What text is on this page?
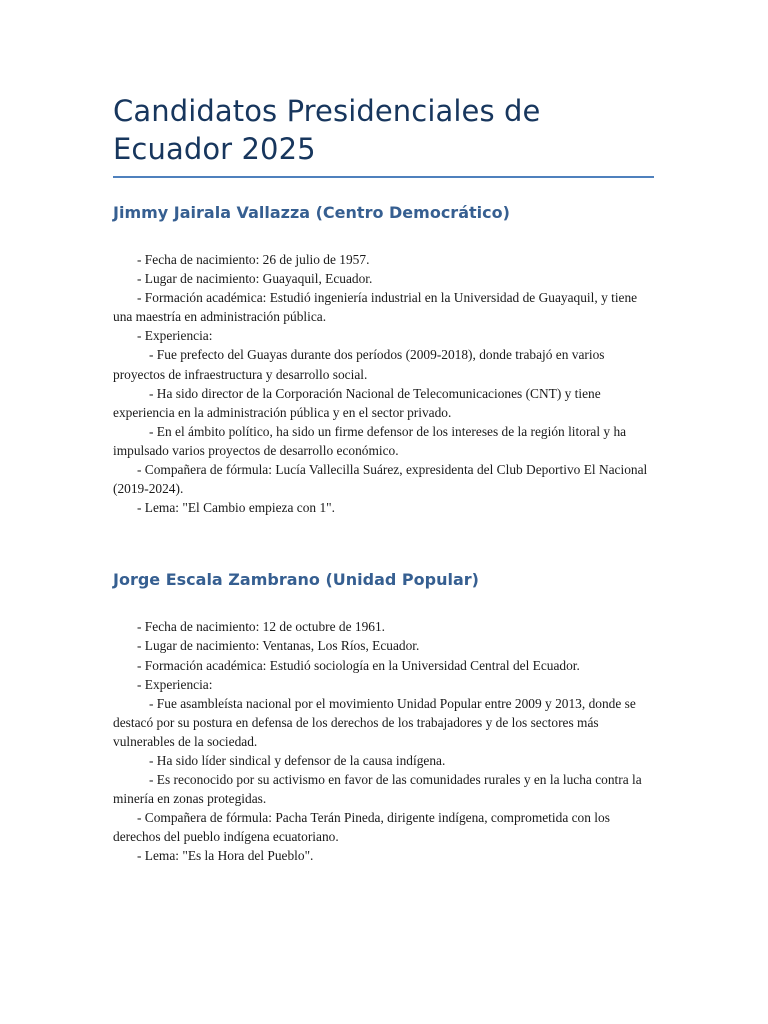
Candidatos Presidenciales de Ecuador 2025
Jimmy Jairala Vallazza (Centro Democrático)
- Fecha de nacimiento: 26 de julio de 1957.
- Lugar de nacimiento: Guayaquil, Ecuador.
- Formación académica: Estudió ingeniería industrial en la Universidad de Guayaquil, y tiene una maestría en administración pública.
- Experiencia:
- Fue prefecto del Guayas durante dos períodos (2009-2018), donde trabajó en varios proyectos de infraestructura y desarrollo social.
- Ha sido director de la Corporación Nacional de Telecomunicaciones (CNT) y tiene experiencia en la administración pública y en el sector privado.
- En el ámbito político, ha sido un firme defensor de los intereses de la región litoral y ha impulsado varios proyectos de desarrollo económico.
- Compañera de fórmula: Lucía Vallecilla Suárez, expresidenta del Club Deportivo El Nacional (2019-2024).
- Lema: "El Cambio empieza con 1".
Jorge Escala Zambrano (Unidad Popular)
- Fecha de nacimiento: 12 de octubre de 1961.
- Lugar de nacimiento: Ventanas, Los Ríos, Ecuador.
- Formación académica: Estudió sociología en la Universidad Central del Ecuador.
- Experiencia:
- Fue asambleísta nacional por el movimiento Unidad Popular entre 2009 y 2013, donde se destacó por su postura en defensa de los derechos de los trabajadores y de los sectores más vulnerables de la sociedad.
- Ha sido líder sindical y defensor de la causa indígena.
- Es reconocido por su activismo en favor de las comunidades rurales y en la lucha contra la minería en zonas protegidas.
- Compañera de fórmula: Pacha Terán Pineda, dirigente indígena, comprometida con los derechos del pueblo indígena ecuatoriano.
- Lema: "Es la Hora del Pueblo".
